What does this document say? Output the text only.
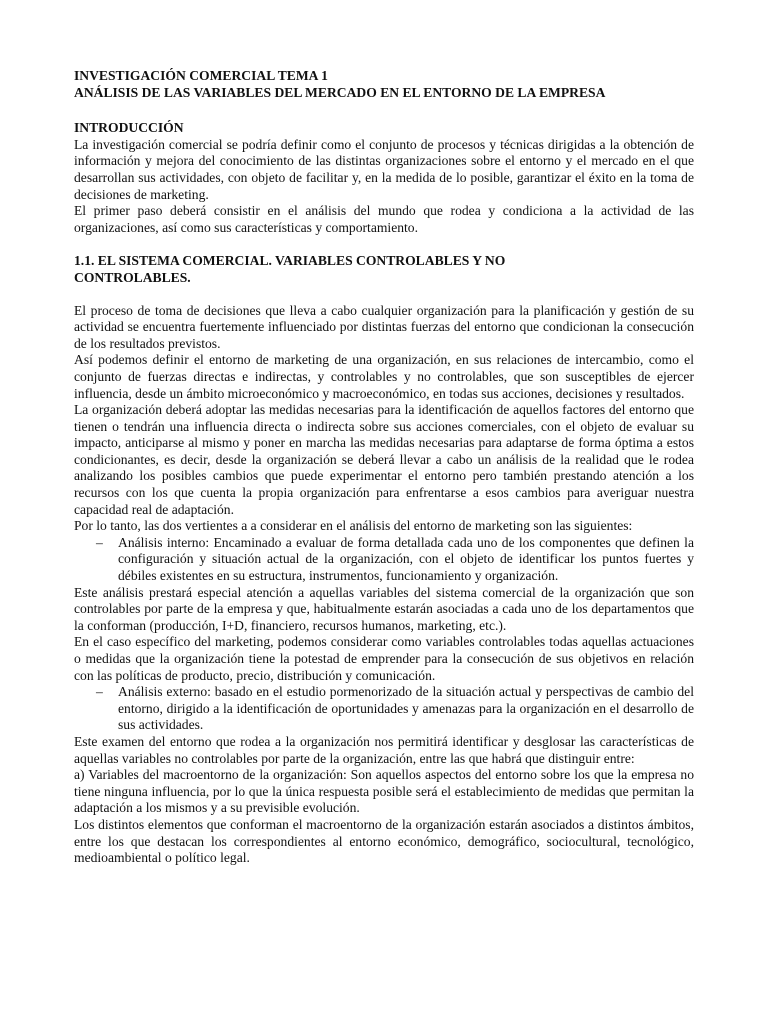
INVESTIGACIÓN COMERCIAL TEMA 1

ANÁLISIS DE LAS VARIABLES DEL MERCADO EN EL ENTORNO DE LA EMPRESA

INTRODUCCIÓN

La investigación comercial se podría definir como el conjunto de procesos y técnicas dirigidas a la obtención de información y mejora del conocimiento de las distintas organizaciones sobre el entorno y el mercado en el que desarrollan sus actividades, con objeto de facilitar y, en la medida de lo posible, garantizar el éxito en la toma de decisiones de marketing.

El primer paso deberá consistir en el análisis del mundo que rodea y condiciona a la actividad de las organizaciones, así como sus características y comportamiento.

1.1. EL SISTEMA COMERCIAL. VARIABLES CONTROLABLES Y NO CONTROLABLES.

El proceso de toma de decisiones que lleva a cabo cualquier organización para la planificación y gestión de su actividad se encuentra fuertemente influenciado por distintas fuerzas del entorno que condicionan la consecución de los resultados previstos.

Así podemos definir el entorno de marketing de una organización, en sus relaciones de intercambio, como el conjunto de fuerzas directas e indirectas, y controlables y no controlables, que son susceptibles de ejercer influencia, desde un ámbito microeconómico y macroeconómico, en todas sus acciones, decisiones y resultados.

La organización deberá adoptar las medidas necesarias para la identificación de aquellos factores del entorno que tienen o tendrán una influencia directa o indirecta sobre sus acciones comerciales, con el objeto de evaluar su impacto, anticiparse al mismo y poner en marcha las medidas necesarias para adaptarse de forma óptima a estos condicionantes, es decir, desde la organización se deberá llevar a cabo un análisis de la realidad que le rodea analizando los posibles cambios que puede experimentar el entorno pero también prestando atención a los recursos con los que cuenta la propia organización para enfrentarse a esos cambios para averiguar nuestra capacidad real de adaptación.

Por lo tanto, las dos vertientes a a considerar en el análisis del entorno de marketing son las siguientes:

– Análisis interno: Encaminado a evaluar de forma detallada cada uno de los componentes que definen la configuración y situación actual de la organización, con el objeto de identificar los puntos fuertes y débiles existentes en su estructura, instrumentos, funcionamiento y organización.

Este análisis prestará especial atención a aquellas variables del sistema comercial de la organización que son controlables por parte de la empresa y que, habitualmente estarán asociadas a cada uno de los departamentos que la conforman (producción, I+D, financiero, recursos humanos, marketing, etc.).

En el caso específico del marketing, podemos considerar como variables controlables todas aquellas actuaciones o medidas que la organización tiene la potestad de emprender para la consecución de sus objetivos en relación con las políticas de producto, precio, distribución y comunicación.

– Análisis externo: basado en el estudio pormenorizado de la situación actual y perspectivas de cambio del entorno, dirigido a la identificación de oportunidades y amenazas para la organización en el desarrollo de sus actividades.

Este examen del entorno que rodea a la organización nos permitirá identificar y desglosar las características de aquellas variables no controlables por parte de la organización, entre las que habrá que distinguir entre:

a) Variables del macroentorno de la organización: Son aquellos aspectos del entorno sobre los que la empresa no tiene ninguna influencia, por lo que la única respuesta posible será el establecimiento de medidas que permitan la adaptación a los mismos y a su previsible evolución.

Los distintos elementos que conforman el macroentorno de la organización estarán asociados a distintos ámbitos, entre los que destacan los correspondientes al entorno económico, demográfico, sociocultural, tecnológico, medioambiental o político legal.
